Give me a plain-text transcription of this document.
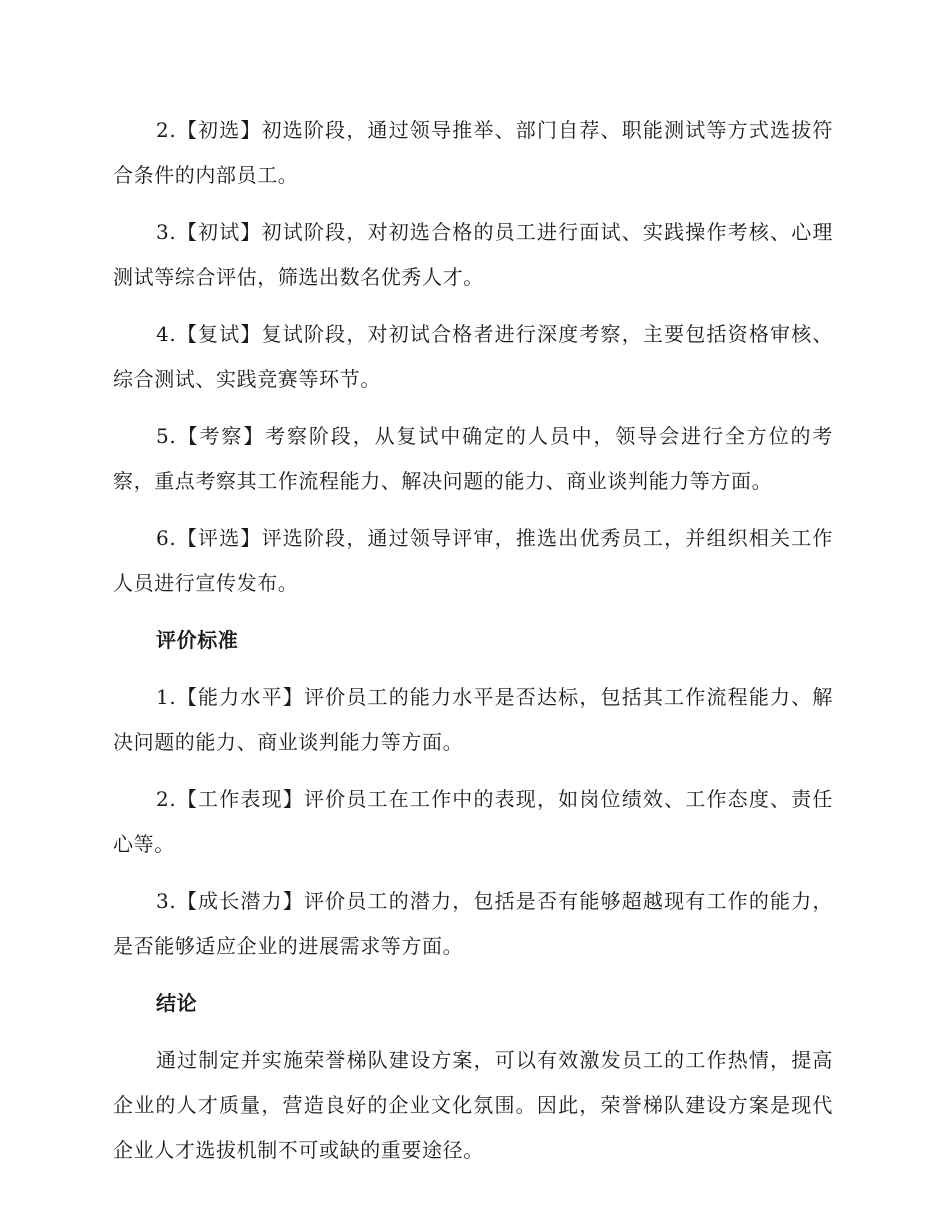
2.【初选】初选阶段，通过领导推举、部门自荐、职能测试等方式选拔符合条件的内部员工。

3.【初试】初试阶段，对初选合格的员工进行面试、实践操作考核、心理测试等综合评估，筛选出数名优秀人才。

4.【复试】复试阶段，对初试合格者进行深度考察，主要包括资格审核、综合测试、实践竞赛等环节。

5.【考察】考察阶段，从复试中确定的人员中，领导会进行全方位的考察，重点考察其工作流程能力、解决问题的能力、商业谈判能力等方面。

6.【评选】评选阶段，通过领导评审，推选出优秀员工，并组织相关工作人员进行宣传发布。

评价标准

1.【能力水平】评价员工的能力水平是否达标，包括其工作流程能力、解决问题的能力、商业谈判能力等方面。

2.【工作表现】评价员工在工作中的表现，如岗位绩效、工作态度、责任心等。

3.【成长潜力】评价员工的潜力，包括是否有能够超越现有工作的能力，是否能够适应企业的进展需求等方面。

结论

通过制定并实施荣誉梯队建设方案，可以有效激发员工的工作热情，提高企业的人才质量，营造良好的企业文化氛围。因此，荣誉梯队建设方案是现代企业人才选拔机制不可或缺的重要途径。
